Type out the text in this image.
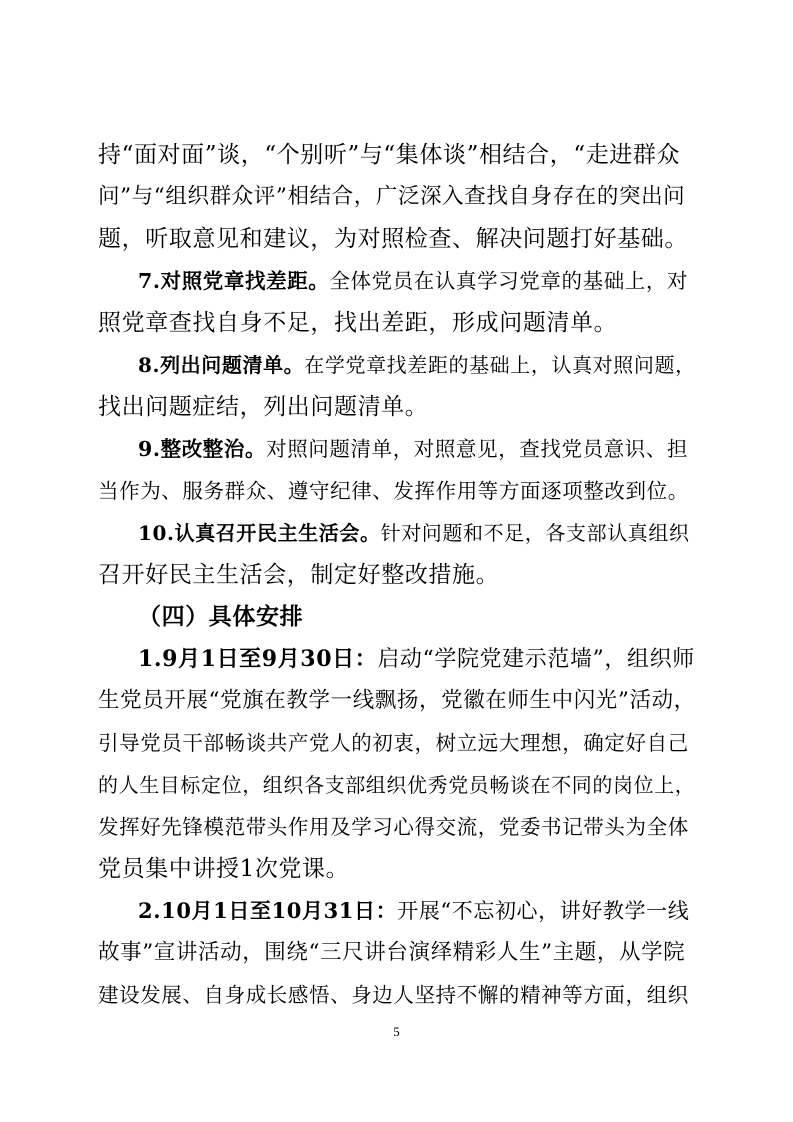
持“面对面”谈，“个别听”与“集体谈”相结合，“走进群众
问”与“组织群众评”相结合，广泛深入查找自身存在的突出问
题，听取意见和建议，为对照检查、解决问题打好基础。
7.对照党章找差距。全体党员在认真学习党章的基础上，对
照党章查找自身不足，找出差距，形成问题清单。
8.列出问题清单。在学党章找差距的基础上，认真对照问题，
找出问题症结，列出问题清单。
9.整改整治。对照问题清单，对照意见，查找党员意识、担
当作为、服务群众、遵守纪律、发挥作用等方面逐项整改到位。
10.认真召开民主生活会。针对问题和不足，各支部认真组织
召开好民主生活会，制定好整改措施。
（四）具体安排
1.9月1日至9月30日：启动“学院党建示范墙”，组织师
生党员开展“党旗在教学一线飘扬，党徽在师生中闪光”活动，
引导党员干部畅谈共产党人的初衷，树立远大理想，确定好自己
的人生目标定位，组织各支部组织优秀党员畅谈在不同的岗位上，
发挥好先锋模范带头作用及学习心得交流，党委书记带头为全体
党员集中讲授1次党课。
2.10月1日至10月31日：开展“不忘初心，讲好教学一线
故事”宣讲活动，围绕“三尺讲台演绎精彩人生”主题，从学院
建设发展、自身成长感悟、身边人坚持不懈的精神等方面，组织
5
